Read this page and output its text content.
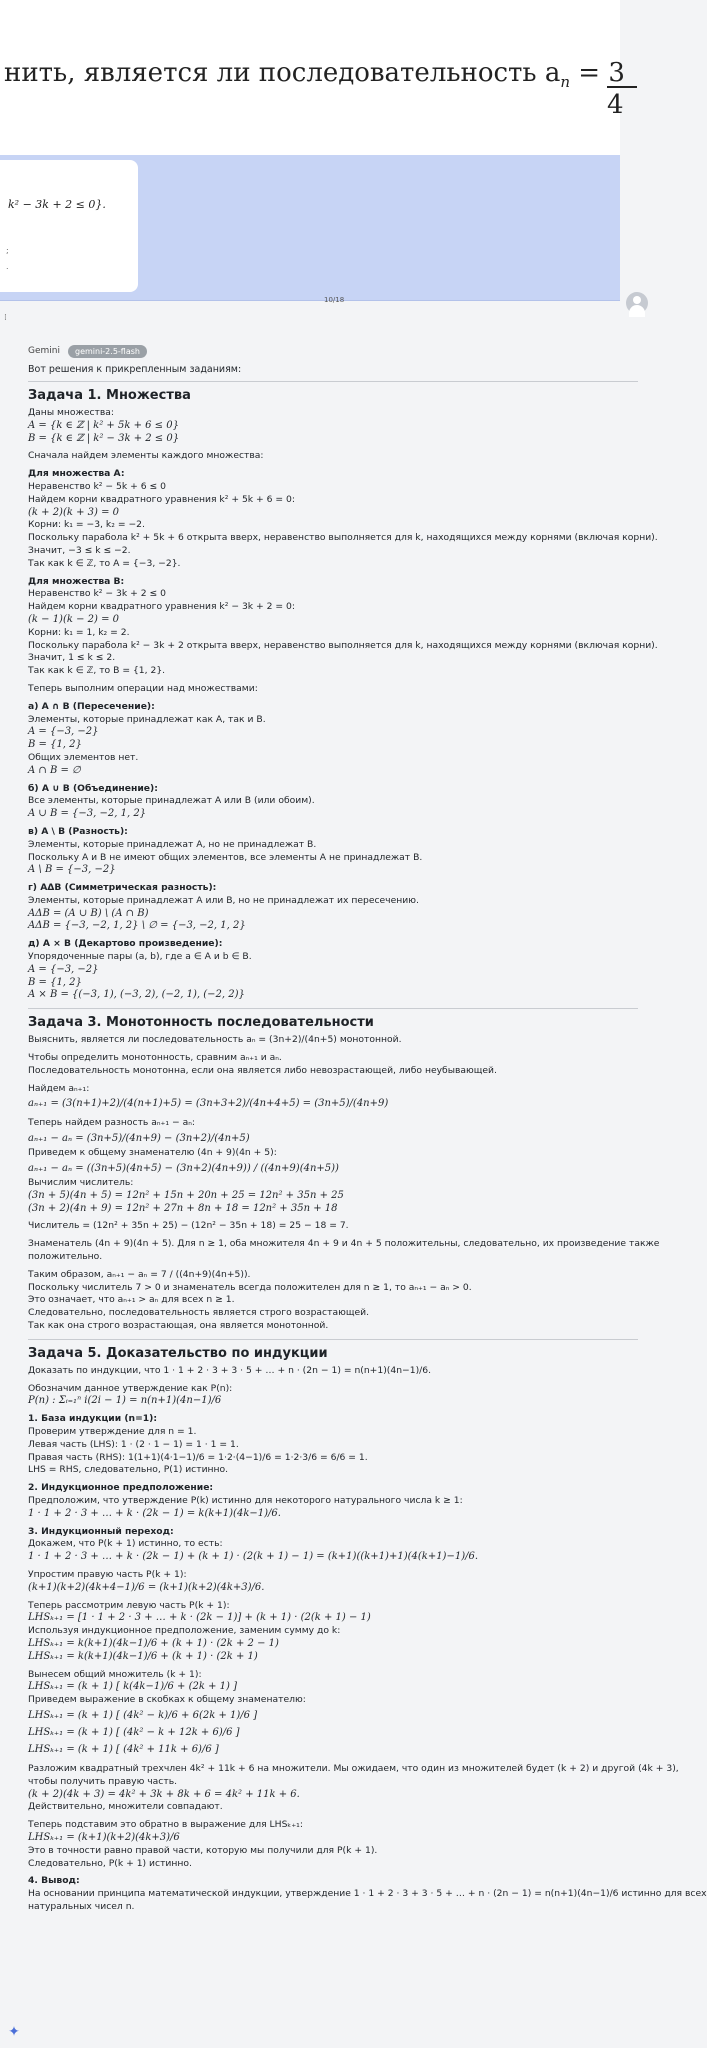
нить, является ли последовательность $a_n = 3$
4
k² − 3k + 2 ≤ 0}.
;
.
10/18
⁞
Gemini	gemini-2.5-flash
Вот решения к прикрепленным заданиям:
Задача 1. Множества

Даны множества:

A = {k ∈ ℤ | k² + 5k + 6 ≤ 0}

B = {k ∈ ℤ | k² − 3k + 2 ≤ 0}

Сначала найдем элементы каждого множества:

Для множества A:

Неравенство k² − 5k + 6 ≤ 0

Найдем корни квадратного уравнения k² + 5k + 6 = 0:

(k + 2)(k + 3) = 0

Корни: k₁ = −3, k₂ = −2.

Поскольку парабола k² + 5k + 6 открыта вверх, неравенство выполняется для k, находящихся между корнями (включая корни).

Значит, −3 ≤ k ≤ −2.

Так как k ∈ ℤ, то A = {−3, −2}.

Для множества B:

Неравенство k² − 3k + 2 ≤ 0

Найдем корни квадратного уравнения k² − 3k + 2 = 0:

(k − 1)(k − 2) = 0

Корни: k₁ = 1, k₂ = 2.

Поскольку парабола k² − 3k + 2 открыта вверх, неравенство выполняется для k, находящихся между корнями (включая корни).

Значит, 1 ≤ k ≤ 2.

Так как k ∈ ℤ, то B = {1, 2}.

Теперь выполним операции над множествами:

а) A ∩ B (Пересечение):

Элементы, которые принадлежат как A, так и B.

A = {−3, −2}

B = {1, 2}

Общих элементов нет.

A ∩ B = ∅

б) A ∪ B (Объединение):

Все элементы, которые принадлежат A или B (или обоим).

A ∪ B = {−3, −2, 1, 2}

в) A \ B (Разность):

Элементы, которые принадлежат A, но не принадлежат B.

Поскольку A и B не имеют общих элементов, все элементы A не принадлежат B.

A \ B = {−3, −2}

г) AΔB (Симметрическая разность):

Элементы, которые принадлежат A или B, но не принадлежат их пересечению.

AΔB = (A ∪ B) \ (A ∩ B)

AΔB = {−3, −2, 1, 2} \ ∅ = {−3, −2, 1, 2}

д) A × B (Декартово произведение):

Упорядоченные пары (a, b), где a ∈ A и b ∈ B.

A = {−3, −2}

B = {1, 2}

A × B = {(−3, 1), (−3, 2), (−2, 1), (−2, 2)}

Задача 3. Монотонность последовательности

Выяснить, является ли последовательность aₙ = (3n+2)/(4n+5) монотонной.

Чтобы определить монотонность, сравним aₙ₊₁ и aₙ.

Последовательность монотонна, если она является либо невозрастающей, либо неубывающей.

Найдем aₙ₊₁:

aₙ₊₁ = (3(n+1)+2)/(4(n+1)+5) = (3n+3+2)/(4n+4+5) = (3n+5)/(4n+9)

Теперь найдем разность aₙ₊₁ − aₙ:

aₙ₊₁ − aₙ = (3n+5)/(4n+9) − (3n+2)/(4n+5)

Приведем к общему знаменателю (4n + 9)(4n + 5):

aₙ₊₁ − aₙ = ((3n+5)(4n+5) − (3n+2)(4n+9)) / ((4n+9)(4n+5))

Вычислим числитель:

(3n + 5)(4n + 5) = 12n² + 15n + 20n + 25 = 12n² + 35n + 25

(3n + 2)(4n + 9) = 12n² + 27n + 8n + 18 = 12n² + 35n + 18

Числитель = (12n² + 35n + 25) − (12n² − 35n + 18) = 25 − 18 = 7.

Знаменатель (4n + 9)(4n + 5). Для n ≥ 1, оба множителя 4n + 9 и 4n + 5 положительны, следовательно, их произведение также

положительно.

Таким образом, aₙ₊₁ − aₙ = 7 / ((4n+9)(4n+5)).

Поскольку числитель 7 > 0 и знаменатель всегда положителен для n ≥ 1, то aₙ₊₁ − aₙ > 0.

Это означает, что aₙ₊₁ > aₙ для всех n ≥ 1.

Следовательно, последовательность является строго возрастающей.

Так как она строго возрастающая, она является монотонной.

Задача 5. Доказательство по индукции

Доказать по индукции, что 1 · 1 + 2 · 3 + 3 · 5 + … + n · (2n − 1) = n(n+1)(4n−1)/6.

Обозначим данное утверждение как P(n):

P(n) : Σᵢ₌₁ⁿ i(2i − 1) = n(n+1)(4n−1)/6

1. База индукции (n=1):

Проверим утверждение для n = 1.

Левая часть (LHS): 1 · (2 · 1 − 1) = 1 · 1 = 1.

Правая часть (RHS): 1(1+1)(4·1−1)/6 = 1·2·(4−1)/6 = 1·2·3/6 = 6/6 = 1.

LHS = RHS, следовательно, P(1) истинно.

2. Индукционное предположение:

Предположим, что утверждение P(k) истинно для некоторого натурального числа k ≥ 1:

1 · 1 + 2 · 3 + … + k · (2k − 1) = k(k+1)(4k−1)/6.

3. Индукционный переход:

Докажем, что P(k + 1) истинно, то есть:

1 · 1 + 2 · 3 + … + k · (2k − 1) + (k + 1) · (2(k + 1) − 1) = (k+1)((k+1)+1)(4(k+1)−1)/6.

Упростим правую часть P(k + 1):

(k+1)(k+2)(4k+4−1)/6 = (k+1)(k+2)(4k+3)/6.

Теперь рассмотрим левую часть P(k + 1):

LHSₖ₊₁ = [1 · 1 + 2 · 3 + … + k · (2k − 1)] + (k + 1) · (2(k + 1) − 1)

Используя индукционное предположение, заменим сумму до k:

LHSₖ₊₁ = k(k+1)(4k−1)/6 + (k + 1) · (2k + 2 − 1)

LHSₖ₊₁ = k(k+1)(4k−1)/6 + (k + 1) · (2k + 1)

Вынесем общий множитель (k + 1):

LHSₖ₊₁ = (k + 1) [ k(4k−1)/6 + (2k + 1) ]

Приведем выражение в скобках к общему знаменателю:

LHSₖ₊₁ = (k + 1) [ (4k² − k)/6 + 6(2k + 1)/6 ]

LHSₖ₊₁ = (k + 1) [ (4k² − k + 12k + 6)/6 ]

LHSₖ₊₁ = (k + 1) [ (4k² + 11k + 6)/6 ]

Разложим квадратный трехчлен 4k² + 11k + 6 на множители. Мы ожидаем, что один из множителей будет (k + 2) и другой (4k + 3),

чтобы получить правую часть.

(k + 2)(4k + 3) = 4k² + 3k + 8k + 6 = 4k² + 11k + 6.

Действительно, множители совпадают.

Теперь подставим это обратно в выражение для LHSₖ₊₁:

LHSₖ₊₁ = (k+1)(k+2)(4k+3)/6

Это в точности равно правой части, которую мы получили для P(k + 1).

Следовательно, P(k + 1) истинно.

4. Вывод:

На основании принципа математической индукции, утверждение 1 · 1 + 2 · 3 + 3 · 5 + … + n · (2n − 1) = n(n+1)(4n−1)/6 истинно для всех

натуральных чисел n.

✦
